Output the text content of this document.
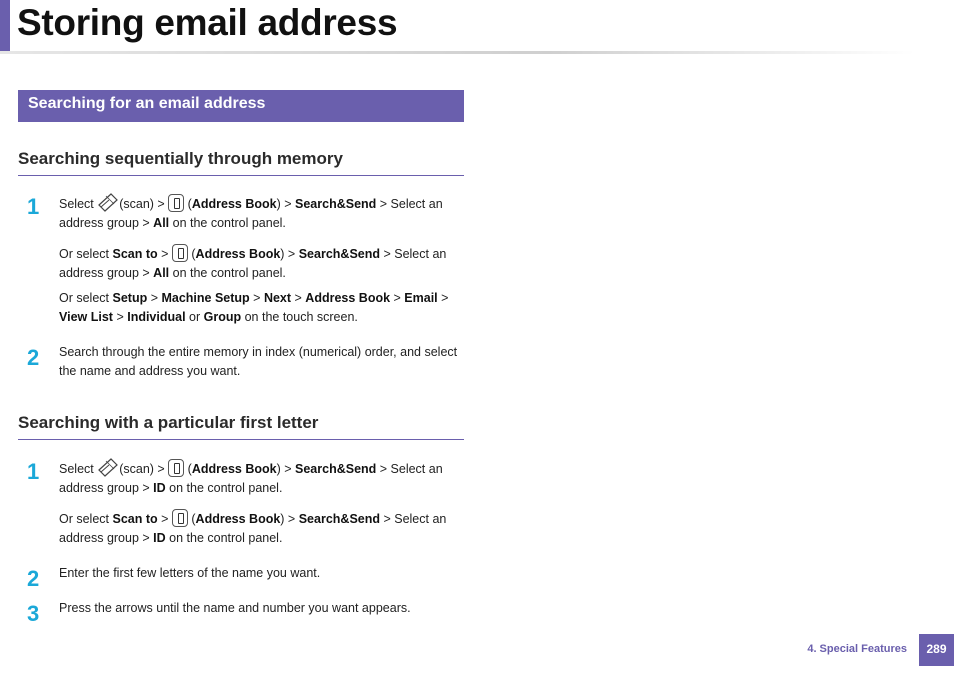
Storing email address
Searching for an email address
Searching sequentially through memory
1 Select (scan) >  (Address Book) > Search&Send > Select an address group > All on the control panel.

Or select Scan to >  (Address Book) > Search&Send > Select an address group > All on the control panel.

Or select Setup > Machine Setup > Next > Address Book > Email > View List > Individual or Group on the touch screen.

2 Search through the entire memory in index (numerical) order, and select the name and address you want.

Searching with a particular first letter
1 Select (scan) >  (Address Book) > Search&Send > Select an address group > ID on the control panel.

Or select Scan to >  (Address Book) > Search&Send > Select an address group > ID on the control panel.

2 Enter the first few letters of the name you want.

3 Press the arrows until the name and number you want appears.

4. Special Features	289
